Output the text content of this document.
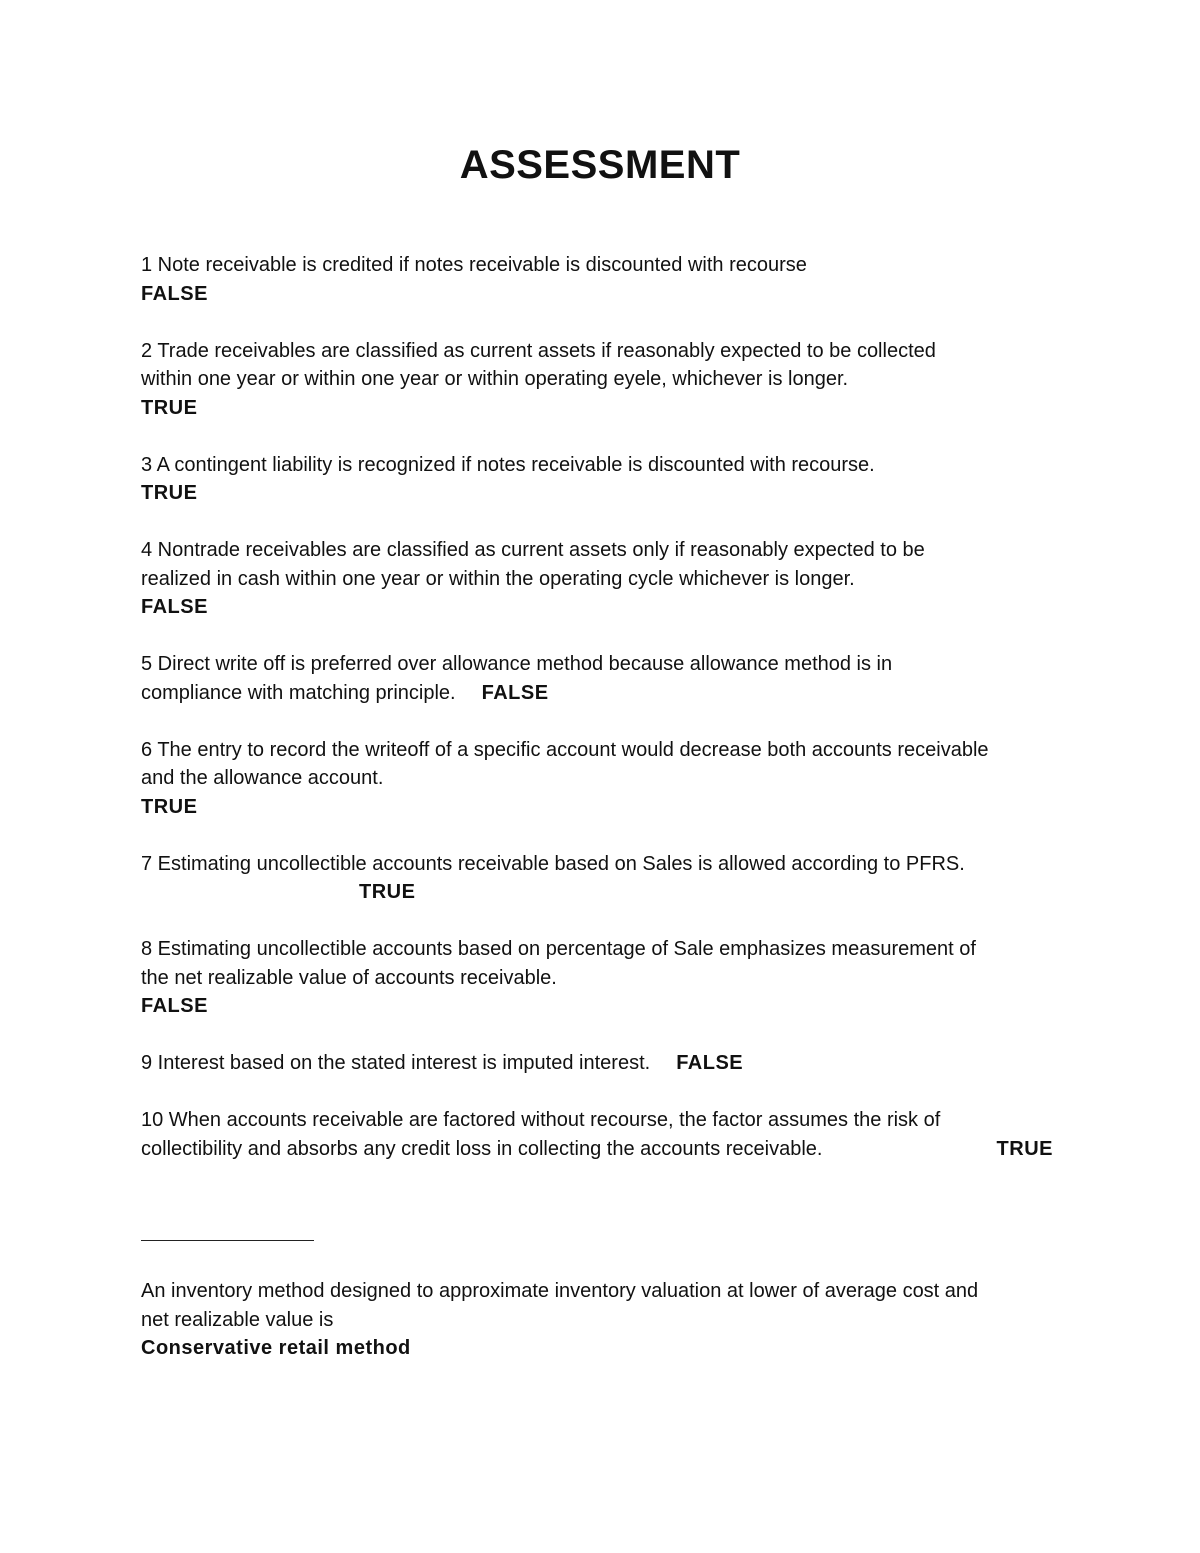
ASSESSMENT
1 Note receivable is credited if notes receivable is discounted with recourse
FALSE
2 Trade receivables are classified as current assets if reasonably expected to be collected
within one year or within one year or within operating eyele, whichever is longer.
TRUE
3 A contingent liability is recognized if notes receivable is discounted with recourse.
TRUE
4 Nontrade receivables are classified as current assets only if reasonably expected to be
realized in cash within one year or within the operating cycle whichever is longer.
FALSE
5 Direct write off is preferred over allowance method because allowance method is in
compliance with matching principle. FALSE
6 The entry to record the writeoff of a specific account would decrease both accounts receivable
and the allowance account.
TRUE
7 Estimating uncollectible accounts receivable based on Sales is allowed according to PFRS.
TRUE
8 Estimating uncollectible accounts based on percentage of Sale emphasizes measurement of
the net realizable value of accounts receivable.
FALSE
9 Interest based on the stated interest is imputed interest. FALSE
10 When accounts receivable are factored without recourse, the factor assumes the risk of
collectibility and absorbs any credit loss in collecting the accounts receivable.	TRUE
An inventory method designed to approximate inventory valuation at lower of average cost and
net realizable value is
Conservative retail method
